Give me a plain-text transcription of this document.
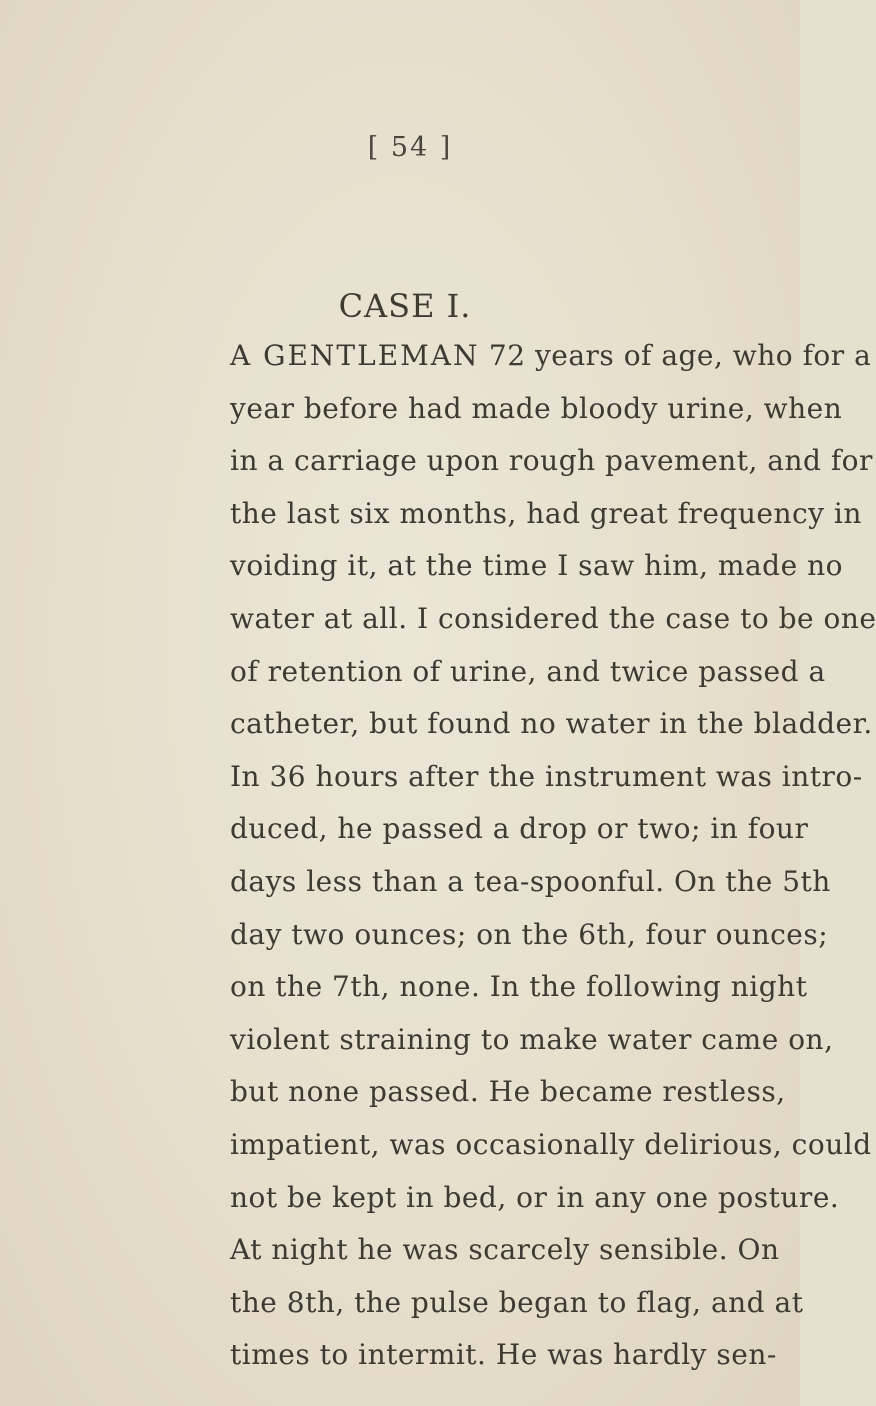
[ 54 ]
CASE I.
A GENTLEMAN 72 years of age, who for a
year before had made bloody urine, when
in a carriage upon rough pavement, and for
the last six months, had great frequency in
voiding it, at the time I saw him, made no
water at all. I considered the case to be one
of retention of urine, and twice passed a
catheter, but found no water in the bladder.
In 36 hours after the instrument was intro-
duced, he passed a drop or two; in four
days less than a tea-spoonful. On the 5th
day two ounces; on the 6th, four ounces;
on the 7th, none. In the following night
violent straining to make water came on,
but none passed. He became restless,
impatient, was occasionally delirious, could
not be kept in bed, or in any one posture.
At night he was scarcely sensible. On
the 8th, the pulse began to flag, and at
times to intermit. He was hardly sen-
